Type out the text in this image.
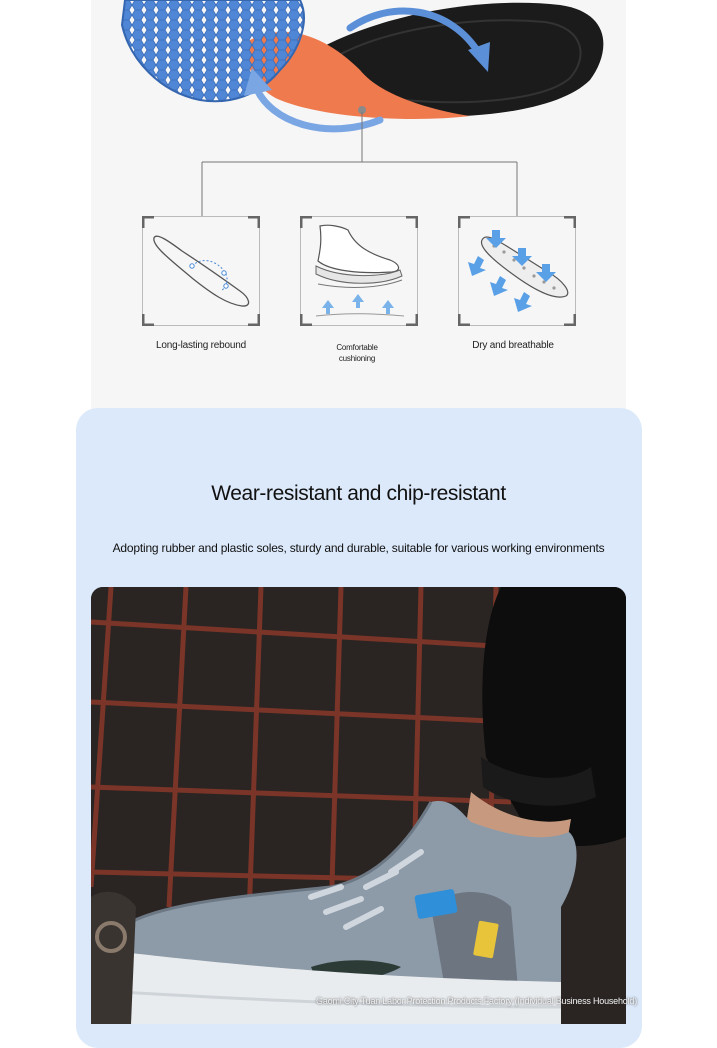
Long-lasting rebound	Comfortable
cushioning
Dry and breathable
Wear-resistant and chip-resistant
Adopting rubber and plastic soles, sturdy and durable, suitable for various working environments
Gaomi City Tuan Labor Protection Products Factory (Individual Business Household)
